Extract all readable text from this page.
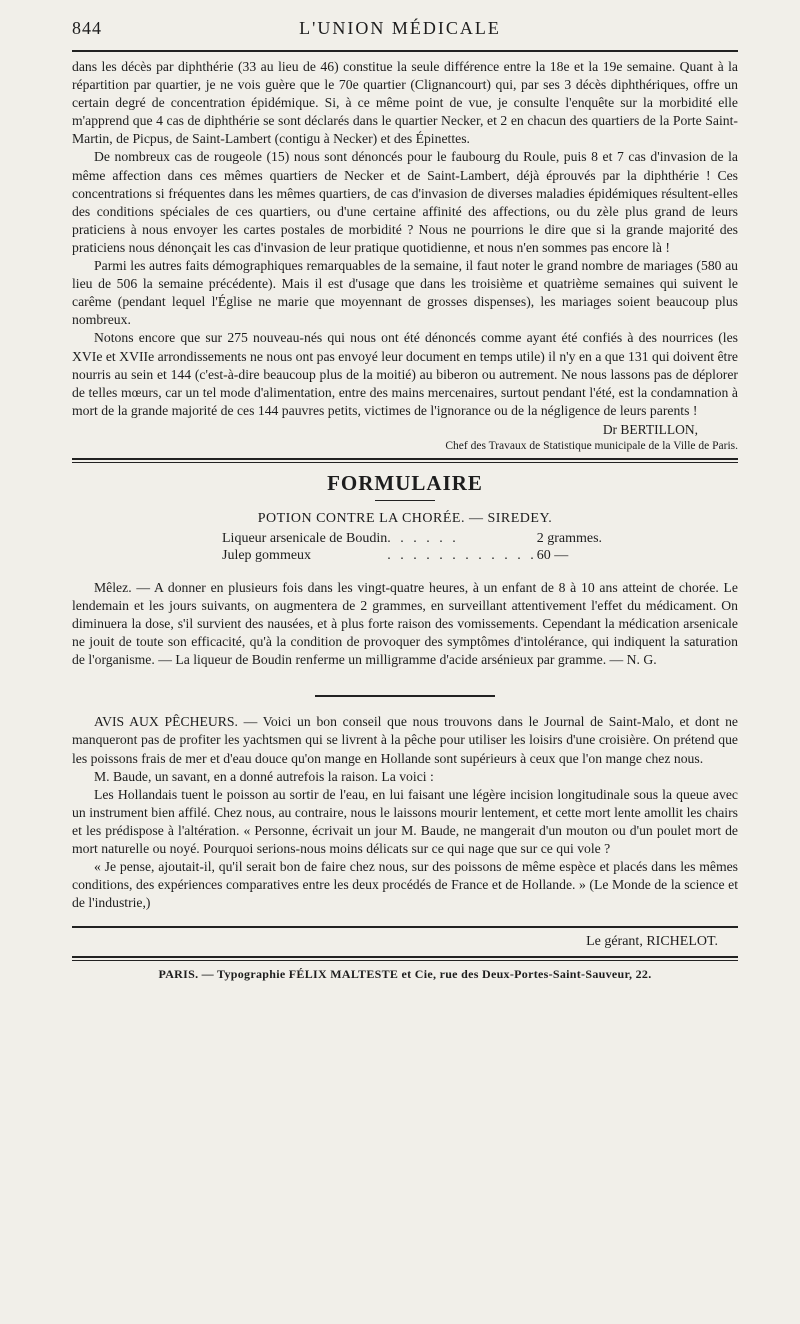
844	L'UNION MÉDICALE

dans les décès par diphthérie (33 au lieu de 46) constitue la seule différence entre la 18e et la 19e semaine. Quant à la répartition par quartier, je ne vois guère que le 70e quartier (Clignancourt) qui, par ses 3 décès diphthériques, offre un certain degré de concentration épidémique. Si, à ce même point de vue, je consulte l'enquête sur la morbidité elle m'apprend que 4 cas de diphthérie se sont déclarés dans le quartier Necker, et 2 en chacun des quartiers de la Porte Saint-Martin, de Picpus, de Saint-Lambert (contigu à Necker) et des Épinettes.

De nombreux cas de rougeole (15) nous sont dénoncés pour le faubourg du Roule, puis 8 et 7 cas d'invasion de la même affection dans ces mêmes quartiers de Necker et de Saint-Lambert, déjà éprouvés par la diphthérie ! Ces concentrations si fréquentes dans les mêmes quartiers, de cas d'invasion de diverses maladies épidémiques résultent-elles des conditions spéciales de ces quartiers, ou d'une certaine affinité des affections, ou du zèle plus grand de leurs praticiens à nous envoyer les cartes postales de morbidité ? Nous ne pourrions le dire que si la grande majorité des praticiens nous dénonçait les cas d'invasion de leur pratique quotidienne, et nous n'en sommes pas encore là !

Parmi les autres faits démographiques remarquables de la semaine, il faut noter le grand nombre de mariages (580 au lieu de 506 la semaine précédente). Mais il est d'usage que dans les troisième et quatrième semaines qui suivent le carême (pendant lequel l'Église ne marie que moyennant de grosses dispenses), les mariages soient beaucoup plus nombreux.

Notons encore que sur 275 nouveau-nés qui nous ont été dénoncés comme ayant été confiés à des nourrices (les XVIe et XVIIe arrondissements ne nous ont pas envoyé leur document en temps utile) il n'y en a que 131 qui doivent être nourris au sein et 144 (c'est-à-dire beaucoup plus de la moitié) au biberon ou autrement. Ne nous lassons pas de déplorer de telles mœurs, car un tel mode d'alimentation, entre des mains mercenaires, surtout pendant l'été, est la condamnation à mort de la grande majorité de ces 144 pauvres petits, victimes de l'ignorance ou de la négligence de leurs parents !

Dr BERTILLON,
Chef des Travaux de Statistique municipale de la Ville de Paris.
FORMULAIRE
POTION CONTRE LA CHORÉE. — SIREDEY.
Liqueur arsenicale de Boudin	. . . . . .	2 grammes.
Julep gommeux	. . . . . . . . . . . .	60 —

Mêlez. — A donner en plusieurs fois dans les vingt-quatre heures, à un enfant de 8 à 10 ans atteint de chorée. Le lendemain et les jours suivants, on augmentera de 2 grammes, en surveillant attentivement l'effet du médicament. On diminuera la dose, s'il survient des nausées, et à plus forte raison des vomissements. Cependant la médication arsenicale ne jouit de toute son efficacité, qu'à la condition de provoquer des symptômes d'intolérance, qui indiquent la saturation de l'organisme. — La liqueur de Boudin renferme un milligramme d'acide arsénieux par gramme. — N. G.

AVIS AUX PÊCHEURS. — Voici un bon conseil que nous trouvons dans le Journal de Saint-Malo, et dont ne manqueront pas de profiter les yachtsmen qui se livrent à la pêche pour utiliser les loisirs d'une croisière. On prétend que les poissons frais de mer et d'eau douce qu'on mange en Hollande sont supérieurs à ceux que l'on mange chez nous.

M. Baude, un savant, en a donné autrefois la raison. La voici :

Les Hollandais tuent le poisson au sortir de l'eau, en lui faisant une légère incision longitudinale sous la queue avec un instrument bien affilé. Chez nous, au contraire, nous le laissons mourir lentement, et cette mort lente amollit les chairs et les prédispose à l'altération. « Personne, écrivait un jour M. Baude, ne mangerait d'un mouton ou d'un poulet mort de mort naturelle ou noyé. Pourquoi serions-nous moins délicats sur ce qui nage que sur ce qui vole ?

« Je pense, ajoutait-il, qu'il serait bon de faire chez nous, sur des poissons de même espèce et placés dans les mêmes conditions, des expériences comparatives entre les deux procédés de France et de Hollande. » (Le Monde de la science et de l'industrie,)

Le gérant, RICHELOT.
PARIS. — Typographie FÉLIX MALTESTE et Cie, rue des Deux-Portes-Saint-Sauveur, 22.
